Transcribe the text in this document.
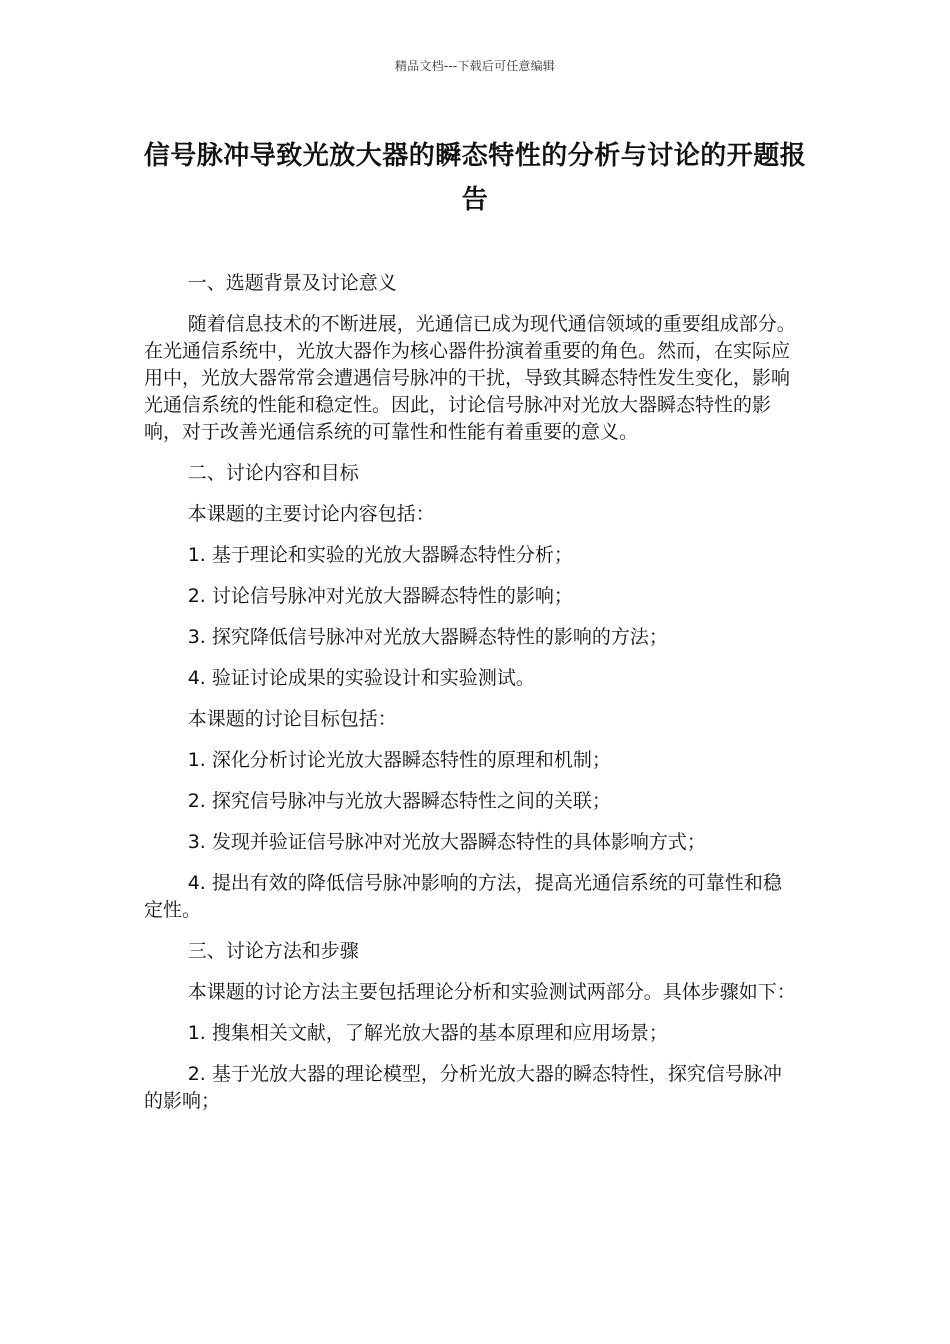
精品文档---下载后可任意编辑
信号脉冲导致光放大器的瞬态特性的分析与讨论的开题报告

一、选题背景及讨论意义

随着信息技术的不断进展，光通信已成为现代通信领域的重要组成部分。在光通信系统中，光放大器作为核心器件扮演着重要的角色。然而，在实际应用中，光放大器常常会遭遇信号脉冲的干扰，导致其瞬态特性发生变化，影响光通信系统的性能和稳定性。因此，讨论信号脉冲对光放大器瞬态特性的影响，对于改善光通信系统的可靠性和性能有着重要的意义。

二、讨论内容和目标

本课题的主要讨论内容包括：

1. 基于理论和实验的光放大器瞬态特性分析；

2. 讨论信号脉冲对光放大器瞬态特性的影响；

3. 探究降低信号脉冲对光放大器瞬态特性的影响的方法；

4. 验证讨论成果的实验设计和实验测试。

本课题的讨论目标包括：

1. 深化分析讨论光放大器瞬态特性的原理和机制；

2. 探究信号脉冲与光放大器瞬态特性之间的关联；

3. 发现并验证信号脉冲对光放大器瞬态特性的具体影响方式；

4. 提出有效的降低信号脉冲影响的方法，提高光通信系统的可靠性和稳定性。

三、讨论方法和步骤

本课题的讨论方法主要包括理论分析和实验测试两部分。具体步骤如下：

1. 搜集相关文献，了解光放大器的基本原理和应用场景；

2. 基于光放大器的理论模型，分析光放大器的瞬态特性，探究信号脉冲的影响；
